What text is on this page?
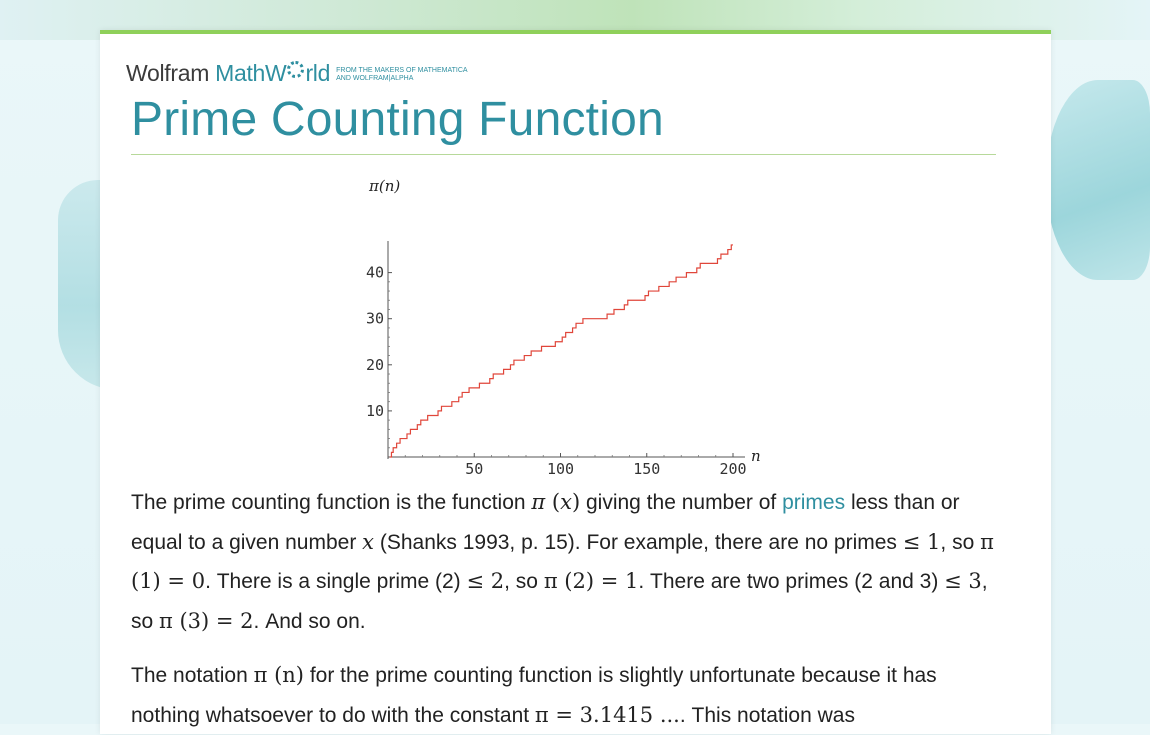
Wolfram MathW rld FROM THE MAKERS OF MATHEMATICA
AND WOLFRAM|ALPHA
Prime Counting Function
π(n)
n
50	100	150	200
10
20
30
40

The prime counting function is the function π (x) giving the number of primes less than or equal to a given number x (Shanks 1993, p. 15). For example, there are no primes ≤ 1, so π (1) = 0. There is a single prime (2) ≤ 2, so π (2) = 1. There are two primes (2 and 3) ≤ 3, so π (3) = 2. And so on.

The notation π (n) for the prime counting function is slightly unfortunate because it has nothing whatsoever to do with the constant π = 3.1415 .... This notation was
